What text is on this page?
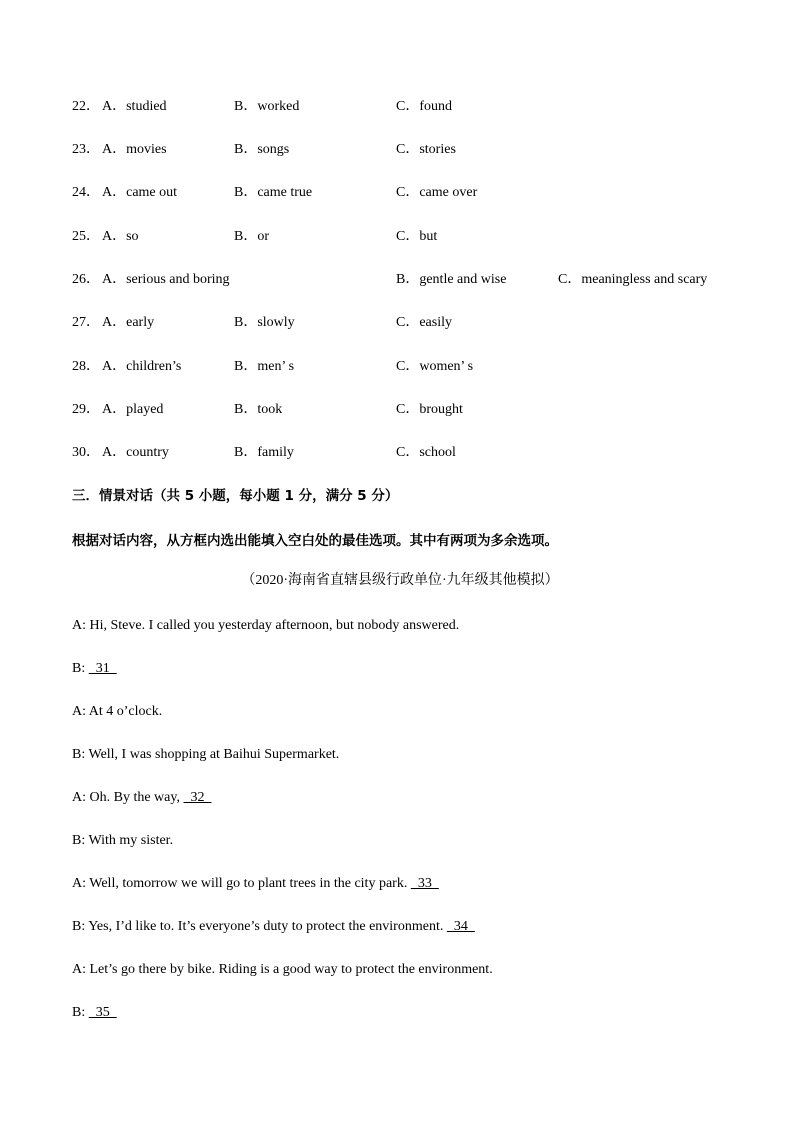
22． A．studied	B．worked	C．found
23． A．movies	B．songs	C．stories
24． A．came out	B．came true	C．came over
25． A．so	B．or	C．but
26． A．serious and boring	B．gentle and wise	C．meaningless and scary
27． A．early	B．slowly	C．easily
28． A．children’s	B．men’ s	C．women’ s
29． A．played	B．took	C．brought
30． A．country	B．family	C．school
三．情景对话（共 5 小题，每小题 1 分，满分 5 分）
根据对话内容，从方框内选出能填入空白处的最佳选项。其中有两项为多余选项。
（2020·海南省直辖县级行政单位·九年级其他模拟）
A: Hi, Steve. I called you yesterday afternoon, but nobody answered.
B:   31
A: At 4 o’clock.
B: Well, I was shopping at Baihui Supermarket.
A: Oh. By the way,   32
B: With my sister.
A: Well, tomorrow we will go to plant trees in the city park.   33
B: Yes, I’d like to. It’s everyone’s duty to protect the environment.   34
A: Let’s go there by bike. Riding is a good way to protect the environment.
B:   35
